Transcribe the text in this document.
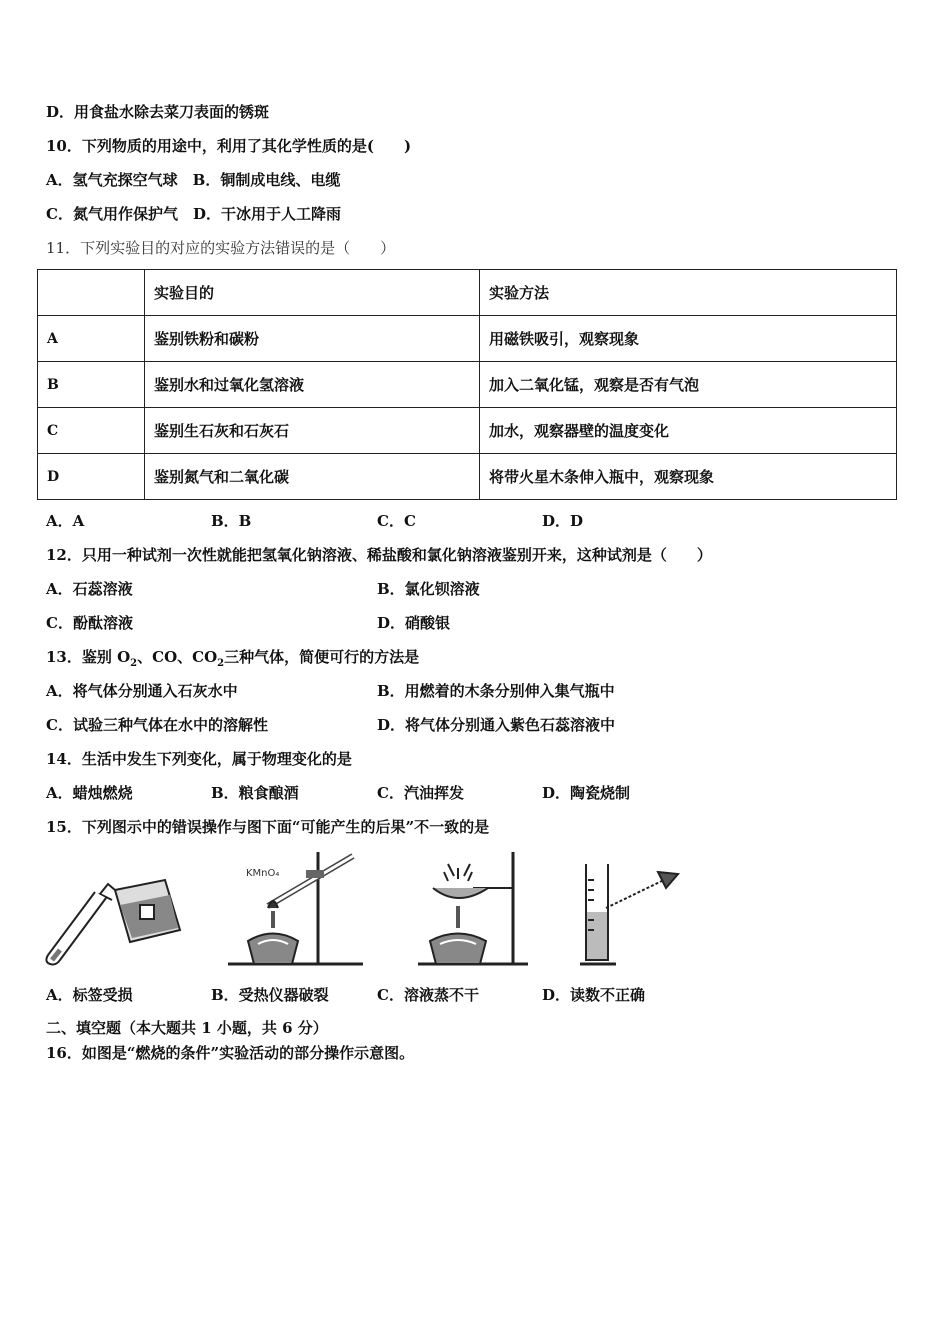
D．用食盐水除去菜刀表面的锈斑
10．下列物质的用途中，利用了其化学性质的是(　　)
A．氢气充探空气球　B．铜制成电线、电缆
C．氮气用作保护气　D．干冰用于人工降雨
11．下列实验目的对应的实验方法错误的是（　　）
	实验目的	实验方法
A	鉴别铁粉和碳粉	用磁铁吸引，观察现象
B	鉴别水和过氧化氢溶液	加入二氧化锰，观察是否有气泡
C	鉴别生石灰和石灰石	加水，观察器壁的温度变化
D	鉴别氮气和二氧化碳	将带火星木条伸入瓶中，观察现象
A．A	B．B	C．C	D．D
12．只用一种试剂一次性就能把氢氧化钠溶液、稀盐酸和氯化钠溶液鉴别开来，这种试剂是（　　）
A．石蕊溶液	B．氯化钡溶液
C．酚酞溶液	D．硝酸银
13．鉴别 $O_2$、CO、$CO_2$三种气体，简便可行的方法是
A．将气体分别通入石灰水中	B．用燃着的木条分别伸入集气瓶中
C．试验三种气体在水中的溶解性	D．将气体分别通入紫色石蕊溶液中
14．生活中发生下列变化，属于物理变化的是
A．蜡烛燃烧	B．粮食酿酒	C．汽油挥发	D．陶瓷烧制
15．下列图示中的错误操作与图下面“可能产生的后果”不一致的是
KMnO₄
A．标签受损	B．受热仪器破裂	C．溶液蒸不干	D．读数不正确
二、填空题（本大题共 1 小题，共 6 分）
16．如图是“燃烧的条件”实验活动的部分操作示意图。
